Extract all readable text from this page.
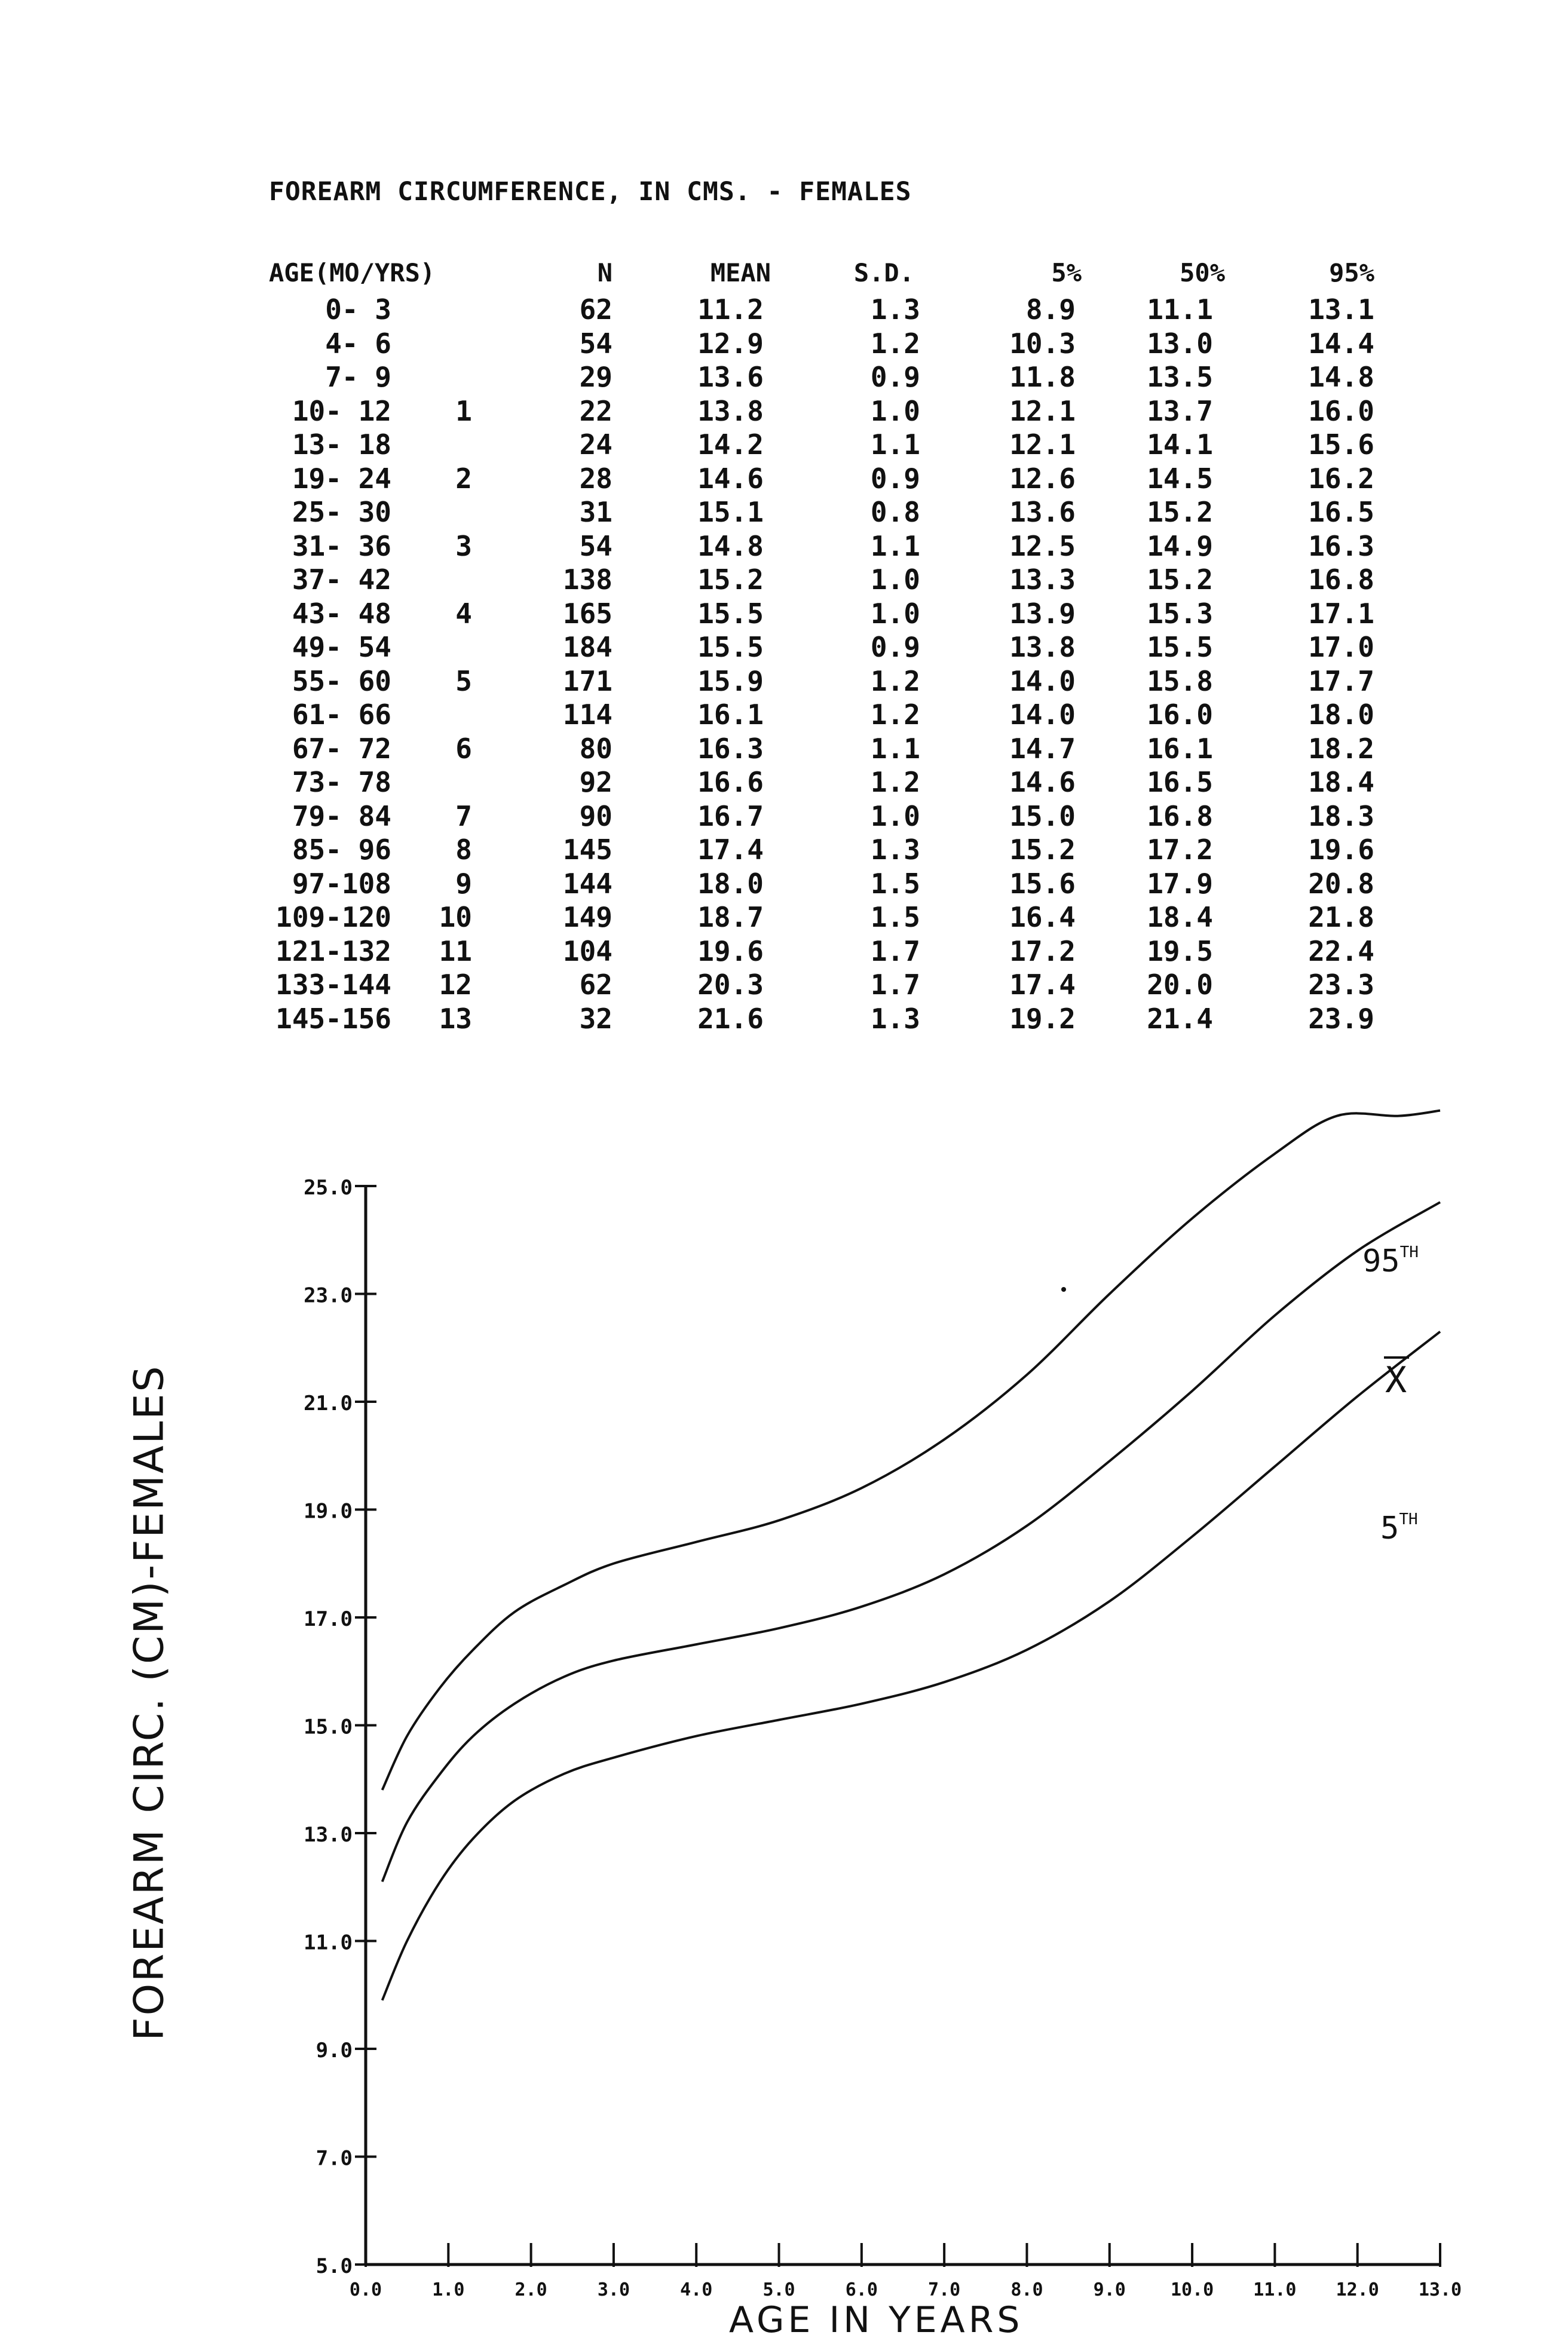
FOREARM CIRCUMFERENCE, IN CMS. - FEMALES
AGE(MO/YRS)	N	MEAN	S.D.	5%	50%	95%
0- 3	62	11.2	1.3	8.9	11.1	13.1
4- 6	54	12.9	1.2	10.3	13.0	14.4
7- 9	29	13.6	0.9	11.8	13.5	14.8
10- 12 1	22	13.8	1.0	12.1	13.7	16.0
13- 18	24	14.2	1.1	12.1	14.1	15.6
19- 24 2	28	14.6	0.9	12.6	14.5	16.2
25- 30	31	15.1	0.8	13.6	15.2	16.5
31- 36 3	54	14.8	1.1	12.5	14.9	16.3
37- 42	138	15.2	1.0	13.3	15.2	16.8
43- 48 4	165	15.5	1.0	13.9	15.3	17.1
49- 54	184	15.5	0.9	13.8	15.5	17.0
55- 60 5	171	15.9	1.2	14.0	15.8	17.7
61- 66	114	16.1	1.2	14.0	16.0	18.0
67- 72 6	80	16.3	1.1	14.7	16.1	18.2
73- 78	92	16.6	1.2	14.6	16.5	18.4
79- 84 7	90	16.7	1.0	15.0	16.8	18.3
85- 96 8	145	17.4	1.3	15.2	17.2	19.6
97-108 9	144	18.0	1.5	15.6	17.9	20.8
109-120 10	149	18.7	1.5	16.4	18.4	21.8
121-132 11	104	19.6	1.7	17.2	19.5	22.4
133-144 12	62	20.3	1.7	17.4	20.0	23.3
145-156 13	32	21.6	1.3	19.2	21.4	23.9
5.0
7.0
9.0
11.0
13.0
15.0
17.0
19.0
21.0
23.0
25.0
0.0	1.0	2.0	3.0	4.0	5.0	6.0	7.0	8.0	9.0	10.0 11.0 12.0 13.0
95TH
X
5TH
FOREARM CIRC. (CM)-FEMALES
AGE IN YEARS
